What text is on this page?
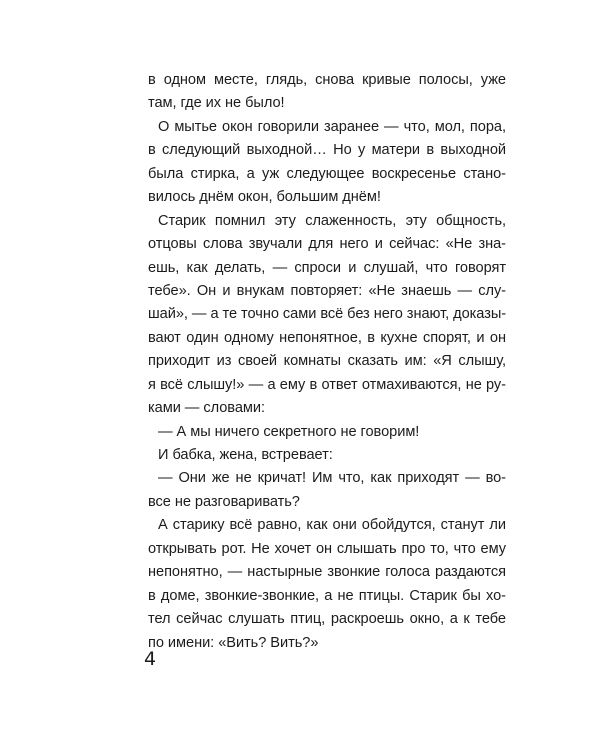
в одном месте, глядь, снова кривые полосы, уже
там, где их не было!
О мытье окон говорили заранее — что, мол, пора,
в следующий выходной… Но у матери в выходной
была стирка, а уж следующее воскресенье стано-
вилось днём окон, большим днём!
Старик помнил эту слаженность, эту общность,
отцовы слова звучали для него и сейчас: «Не зна-
ешь, как делать, — спроси и слушай, что говорят
тебе». Он и внукам повторяет: «Не знаешь — слу-
шай», — а те точно сами всё без него знают, доказы-
вают один одному непонятное, в кухне спорят, и он
приходит из своей комнаты сказать им: «Я слышу,
я всё слышу!» — а ему в ответ отмахиваются, не ру-
ками — словами:
— А мы ничего секретного не говорим!
И бабка, жена, встревает:
— Они же не кричат! Им что, как приходят — во-
все не разговаривать?
А старику всё равно, как они обойдутся, станут ли
открывать рот. Не хочет он слышать про то, что ему
непонятно, — настырные звонкие голоса раздаются
в доме, звонкие-звонкие, а не птицы. Старик бы хо-
тел сейчас слушать птиц, раскроешь окно, а к тебе
по имени: «Вить? Вить?»
4
